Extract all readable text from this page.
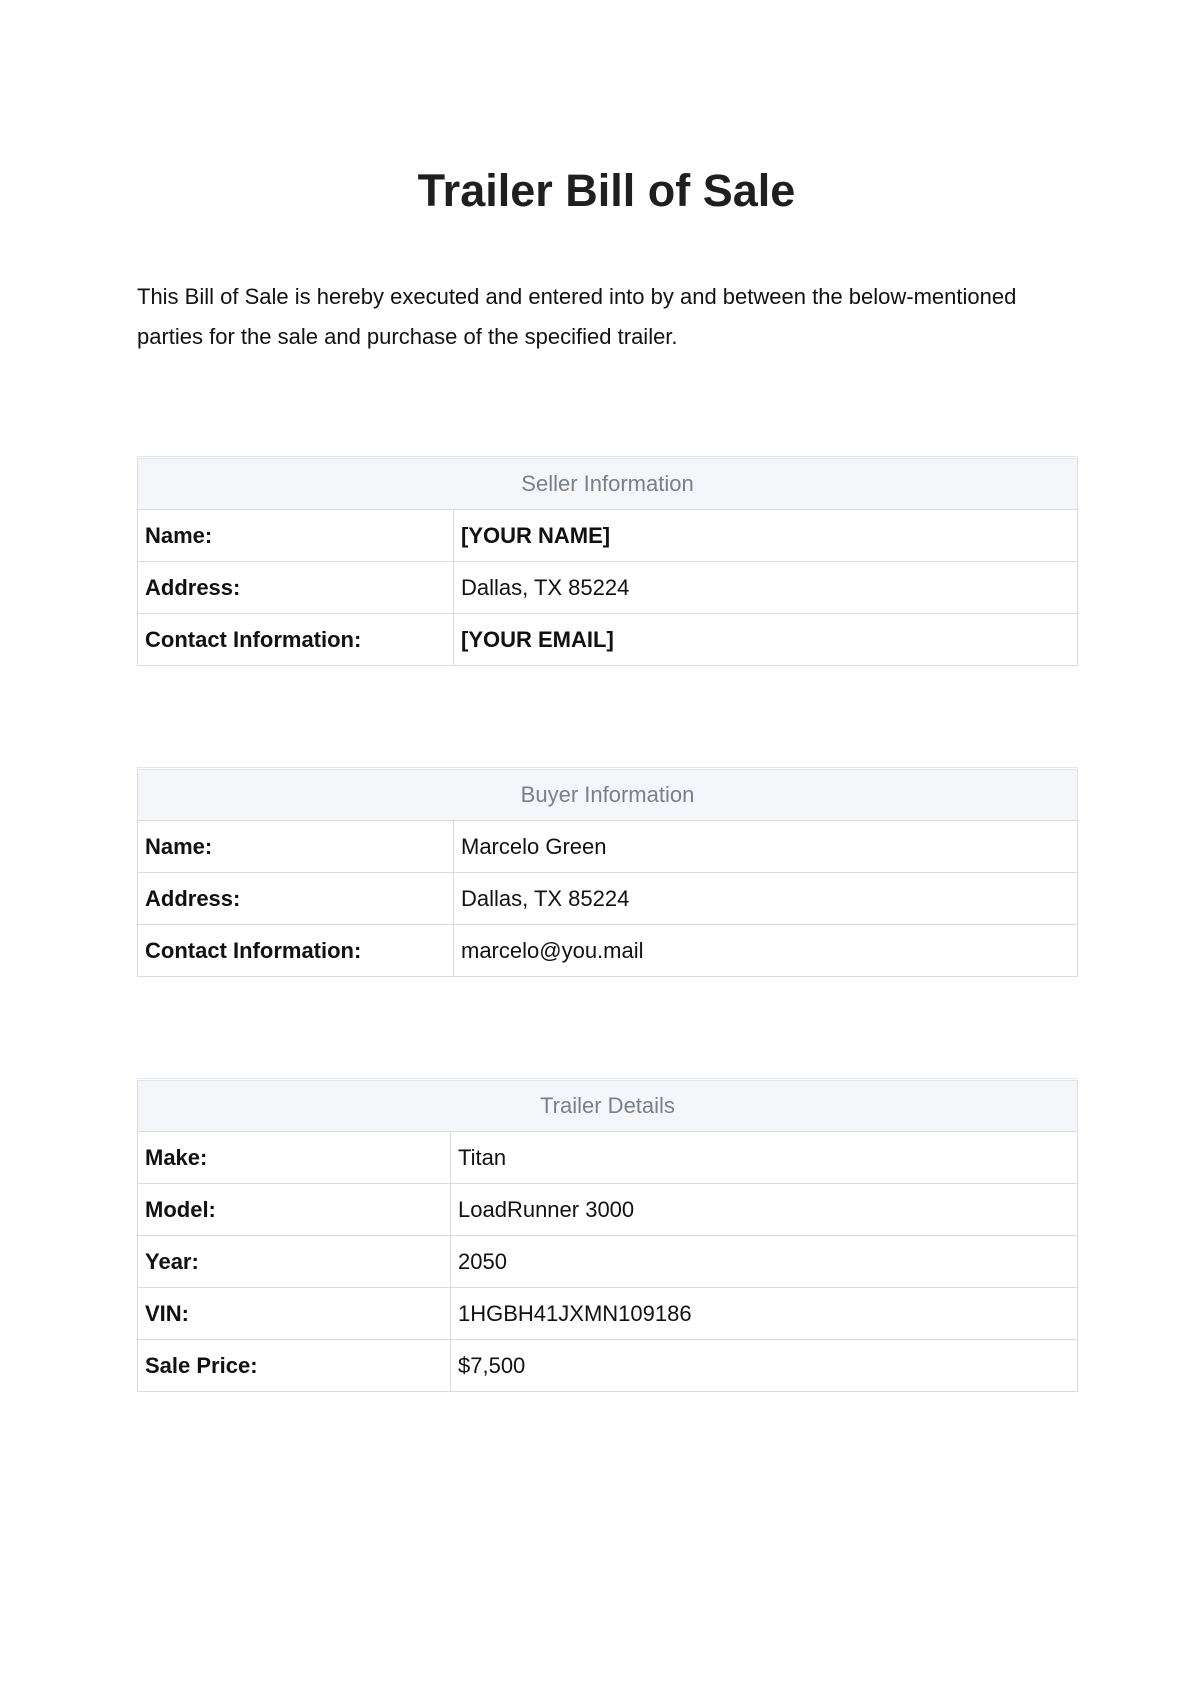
Trailer Bill of Sale

This Bill of Sale is hereby executed and entered into by and between the below-mentioned parties for the sale and purchase of the specified trailer.

Seller Information	
Name:	[YOUR NAME]
Address:	Dallas, TX 85224
Contact Information:	[YOUR EMAIL]
Buyer Information	
Name:	Marcelo Green
Address:	Dallas, TX 85224
Contact Information:	marcelo@you.mail
Trailer Details	
Make:	Titan
Model:	LoadRunner 3000
Year:	2050
VIN:	1HGBH41JXMN109186
Sale Price:	$7,500
